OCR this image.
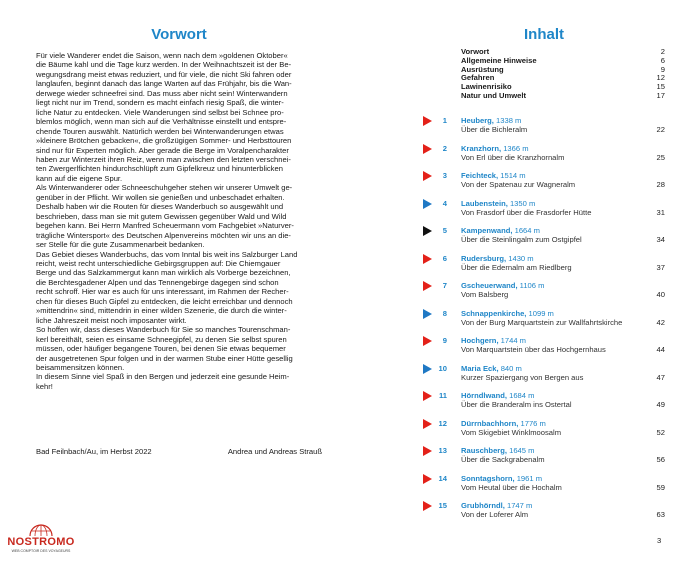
Vorwort
Für viele Wanderer endet die Saison, wenn nach dem »goldenen Oktober«
die Bäume kahl und die Tage kurz werden. In der Weihnachtszeit ist der Be-
wegungsdrang meist etwas reduziert, und für viele, die nicht Ski fahren oder
langlaufen, beginnt danach das lange Warten auf das Frühjahr, bis die Wan-
derwege wieder schneefrei sind. Das muss aber nicht sein! Winterwandern
liegt nicht nur im Trend, sondern es macht einfach riesig Spaß, die winter-
liche Natur zu entdecken. Viele Wanderungen sind selbst bei Schnee pro-
blemlos möglich, wenn man sich auf die Verhältnisse einstellt und entspre-
chende Touren auswählt. Natürlich werden bei Winterwanderungen etwas
»kleinere Brötchen gebacken«, die großzügigen Sommer- und Herbsttouren
sind nur für Experten möglich. Aber gerade die Berge im Voralpencharakter
haben zur Winterzeit ihren Reiz, wenn man zwischen den letzten verschnei-
ten Zwergerlfichten hindurchschlüpft zum Gipfelkreuz und hinunterblicken
kann auf die eigene Spur.
Als Winterwanderer oder Schneeschuhgeher stehen wir unserer Umwelt ge-
genüber in der Pflicht. Wir wollen sie genießen und unbeschadet erhalten.
Deshalb haben wir die Routen für dieses Wanderbuch so ausgewählt und
beschrieben, dass man sie mit gutem Gewissen gegenüber Wald und Wild
begehen kann. Bei Herrn Manfred Scheuermann vom Fachgebiet »Naturver-
trägliche Wintersport« des Deutschen Alpenvereins möchten wir uns an die-
ser Stelle für die gute Zusammenarbeit bedanken.
Das Gebiet dieses Wanderbuchs, das vom Inntal bis weit ins Salzburger Land
reicht, weist recht unterschiedliche Gebirgsgruppen auf: Die Chiemgauer
Berge und das Salzkammergut kann man wirklich als Vorberge bezeichnen,
die Berchtesgadener Alpen und das Tennengebirge dagegen sind schon
recht schroff. Hier war es auch für uns interessant, im Rahmen der Recher-
chen für dieses Buch Gipfel zu entdecken, die leicht erreichbar und dennoch
»mittendrin« sind, mittendrin in einer wilden Szenerie, die durch die winter-
liche Jahreszeit meist noch imposanter wirkt.
So hoffen wir, dass dieses Wanderbuch für Sie so manches Tourenschman-
kerl bereithält, seien es einsame Schneegipfel, zu denen Sie selbst spuren
müssen, oder häufiger begangene Touren, bei denen Sie etwas bequemer
der ausgetretenen Spur folgen und in der warmen Stube einer Hütte gesellig
beisammensitzen können.
In diesem Sinne viel Spaß in den Bergen und jederzeit eine gesunde Heim-
kehr!
Bad Feilnbach/Au, im Herbst 2022	Andrea und Andreas Strauß
Inhalt
Vorwort	2
Allgemeine Hinweise	6
Ausrüstung	9
Gefahren	12
Lawinenrisiko	15
Natur und Umwelt	17
1 Heuberg, 1338 m
Über die Bichleralm	22
2 Kranzhorn, 1366 m
Von Erl über die Kranzhornalm	25
3 Feichteck, 1514 m
Von der Spatenau zur Wagneralm	28
4 Laubenstein, 1350 m
Von Frasdorf über die Frasdorfer Hütte	31
5 Kampenwand, 1664 m
Über die Steinlingalm zum Ostgipfel	34
6 Rudersburg, 1430 m
Über die Edernalm am Riedlberg	37
7 Gscheuerwand, 1106 m
Vom Balsberg	40
8 Schnappenkirche, 1099 m
Von der Burg Marquartstein zur Wallfahrtskirche	42
9 Hochgern, 1744 m
Von Marquartstein über das Hochgernhaus	44
10 Maria Eck, 840 m
Kurzer Spaziergang von Bergen aus	47
11 Hörndlwand, 1684 m
Über die Branderalm ins Ostertal	49
12 Dürrnbachhorn, 1776 m
Vom Skigebiet Winklmoosalm	52
13 Rauschberg, 1645 m
Über die Sackgrabenalm	56
14 Sonntagshorn, 1961 m
Vom Heutal über die Hochalm	59
15 Grubhörndl, 1747 m
Von der Loferer Alm	63
3
NOSTROMO
WEB COMPTOIR DES VOYAGEURS
